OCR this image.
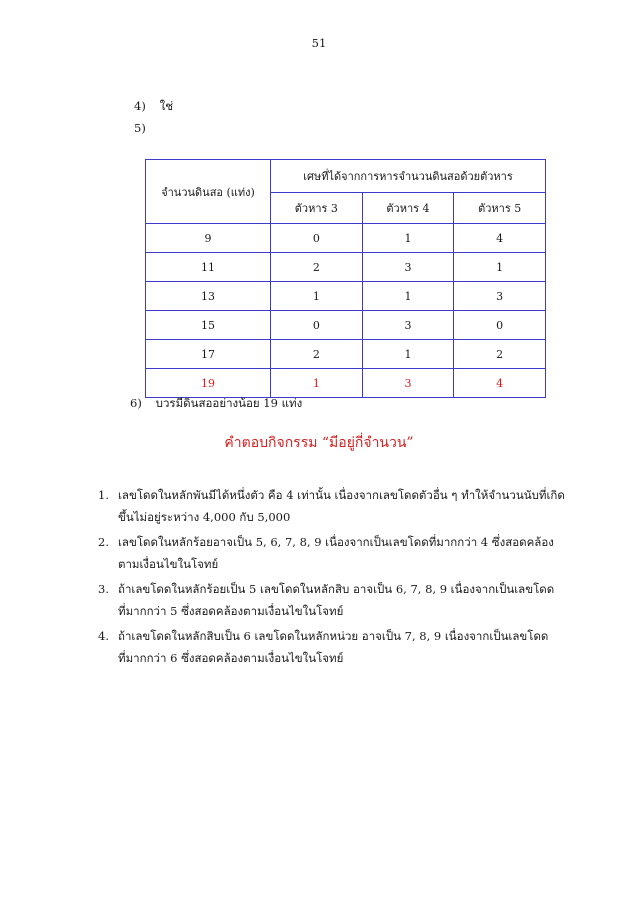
51
4) ใช่
5)
จำนวนดินสอ (แท่ง)	เศษที่ได้จากการหารจำนวนดินสอด้วยตัวหาร		
	ตัวหาร 3	ตัวหาร 4	ตัวหาร 5
9	0	1	4
11	2	3	1
13	1	1	3
15	0	3	0
17	2	1	2
19	1	3	4
6) บวรมีดินสออย่างน้อย 19 แท่ง
คำตอบกิจกรรม “มีอยู่กี่จำนวน”
1. เลขโดดในหลักพันมีได้หนึ่งตัว คือ 4 เท่านั้น เนื่องจากเลขโดดตัวอื่น ๆ ทำให้จำนวนนับที่เกิดขึ้นไม่อยู่ระหว่าง 4,000 กับ 5,000
2. เลขโดดในหลักร้อยอาจเป็น 5, 6, 7, 8, 9 เนื่องจากเป็นเลขโดดที่มากกว่า 4 ซึ่งสอดคล้องตามเงื่อนไขในโจทย์
3. ถ้าเลขโดดในหลักร้อยเป็น 5 เลขโดดในหลักสิบ อาจเป็น 6, 7, 8, 9 เนื่องจากเป็นเลขโดดที่มากกว่า 5 ซึ่งสอดคล้องตามเงื่อนไขในโจทย์
4. ถ้าเลขโดดในหลักสิบเป็น 6 เลขโดดในหลักหน่วย อาจเป็น 7, 8, 9 เนื่องจากเป็นเลขโดดที่มากกว่า 6 ซึ่งสอดคล้องตามเงื่อนไขในโจทย์
